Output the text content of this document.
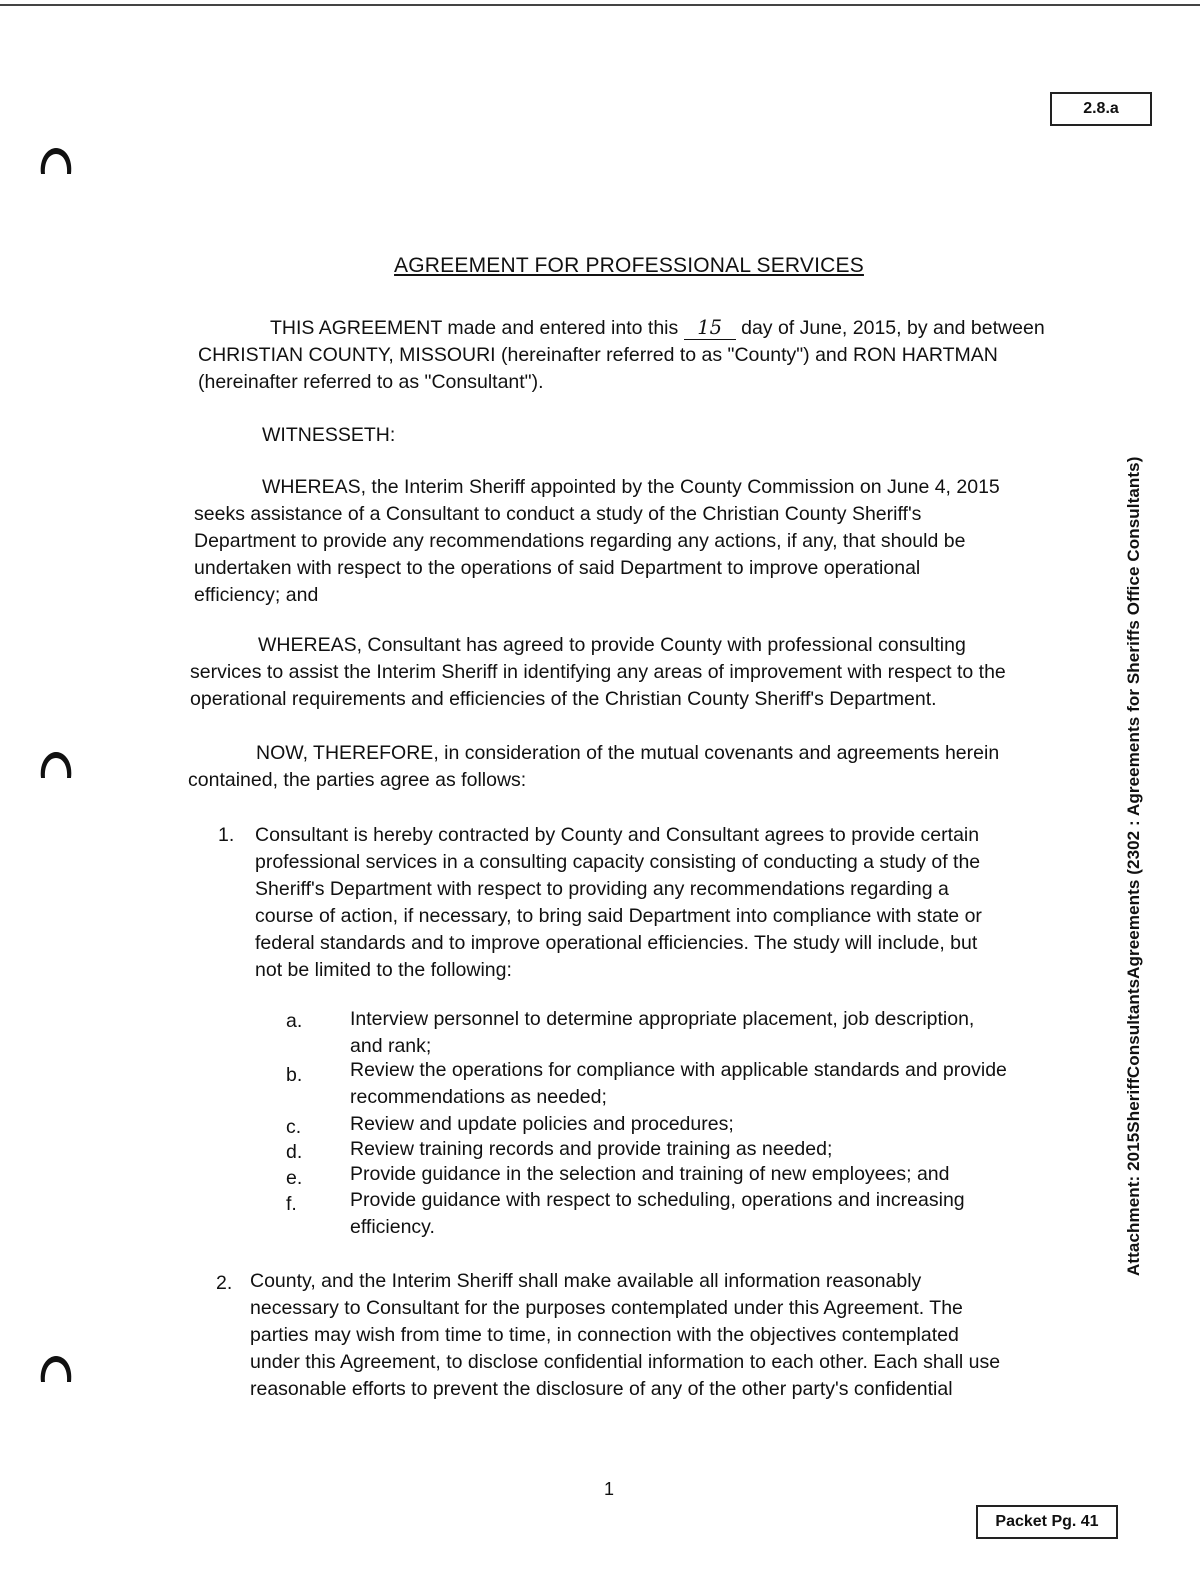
2.8.a
Attachment: 2015SheriffConsultantsAgreements (2302 : Agreements for Sheriffs Office Consultants)
AGREEMENT FOR PROFESSIONAL SERVICES
THIS AGREEMENT made and entered into this 15 day of June, 2015, by and between
CHRISTIAN COUNTY, MISSOURI (hereinafter referred to as "County") and RON HARTMAN
(hereinafter referred to as "Consultant").
WITNESSETH:
WHEREAS, the Interim Sheriff appointed by the County Commission on June 4, 2015
seeks assistance of a Consultant to conduct a study of the Christian County Sheriff's
Department to provide any recommendations regarding any actions, if any, that should be
undertaken with respect to the operations of said Department to improve operational
efficiency; and
WHEREAS, Consultant has agreed to provide County with professional consulting
services to assist the Interim Sheriff in identifying any areas of improvement with respect to the
operational requirements and efficiencies of the Christian County Sheriff's Department.
NOW, THEREFORE, in consideration of the mutual covenants and agreements herein
contained, the parties agree as follows:
1.	Consultant is hereby contracted by County and Consultant agrees to provide certain
professional services in a consulting capacity consisting of conducting a study of the
Sheriff's Department with respect to providing any recommendations regarding a
course of action, if necessary, to bring said Department into compliance with state or
federal standards and to improve operational efficiencies. The study will include, but
not be limited to the following:
a.	Interview personnel to determine appropriate placement, job description,
and rank;
b.	Review the operations for compliance with applicable standards and provide
recommendations as needed;
c.	Review and update policies and procedures;
d.	Review training records and provide training as needed;
e.	Provide guidance in the selection and training of new employees; and
f.	Provide guidance with respect to scheduling, operations and increasing
efficiency.
2. County, and the Interim Sheriff shall make available all information reasonably
necessary to Consultant for the purposes contemplated under this Agreement. The
parties may wish from time to time, in connection with the objectives contemplated
under this Agreement, to disclose confidential information to each other. Each shall use
reasonable efforts to prevent the disclosure of any of the other party's confidential
1
Packet Pg. 41
